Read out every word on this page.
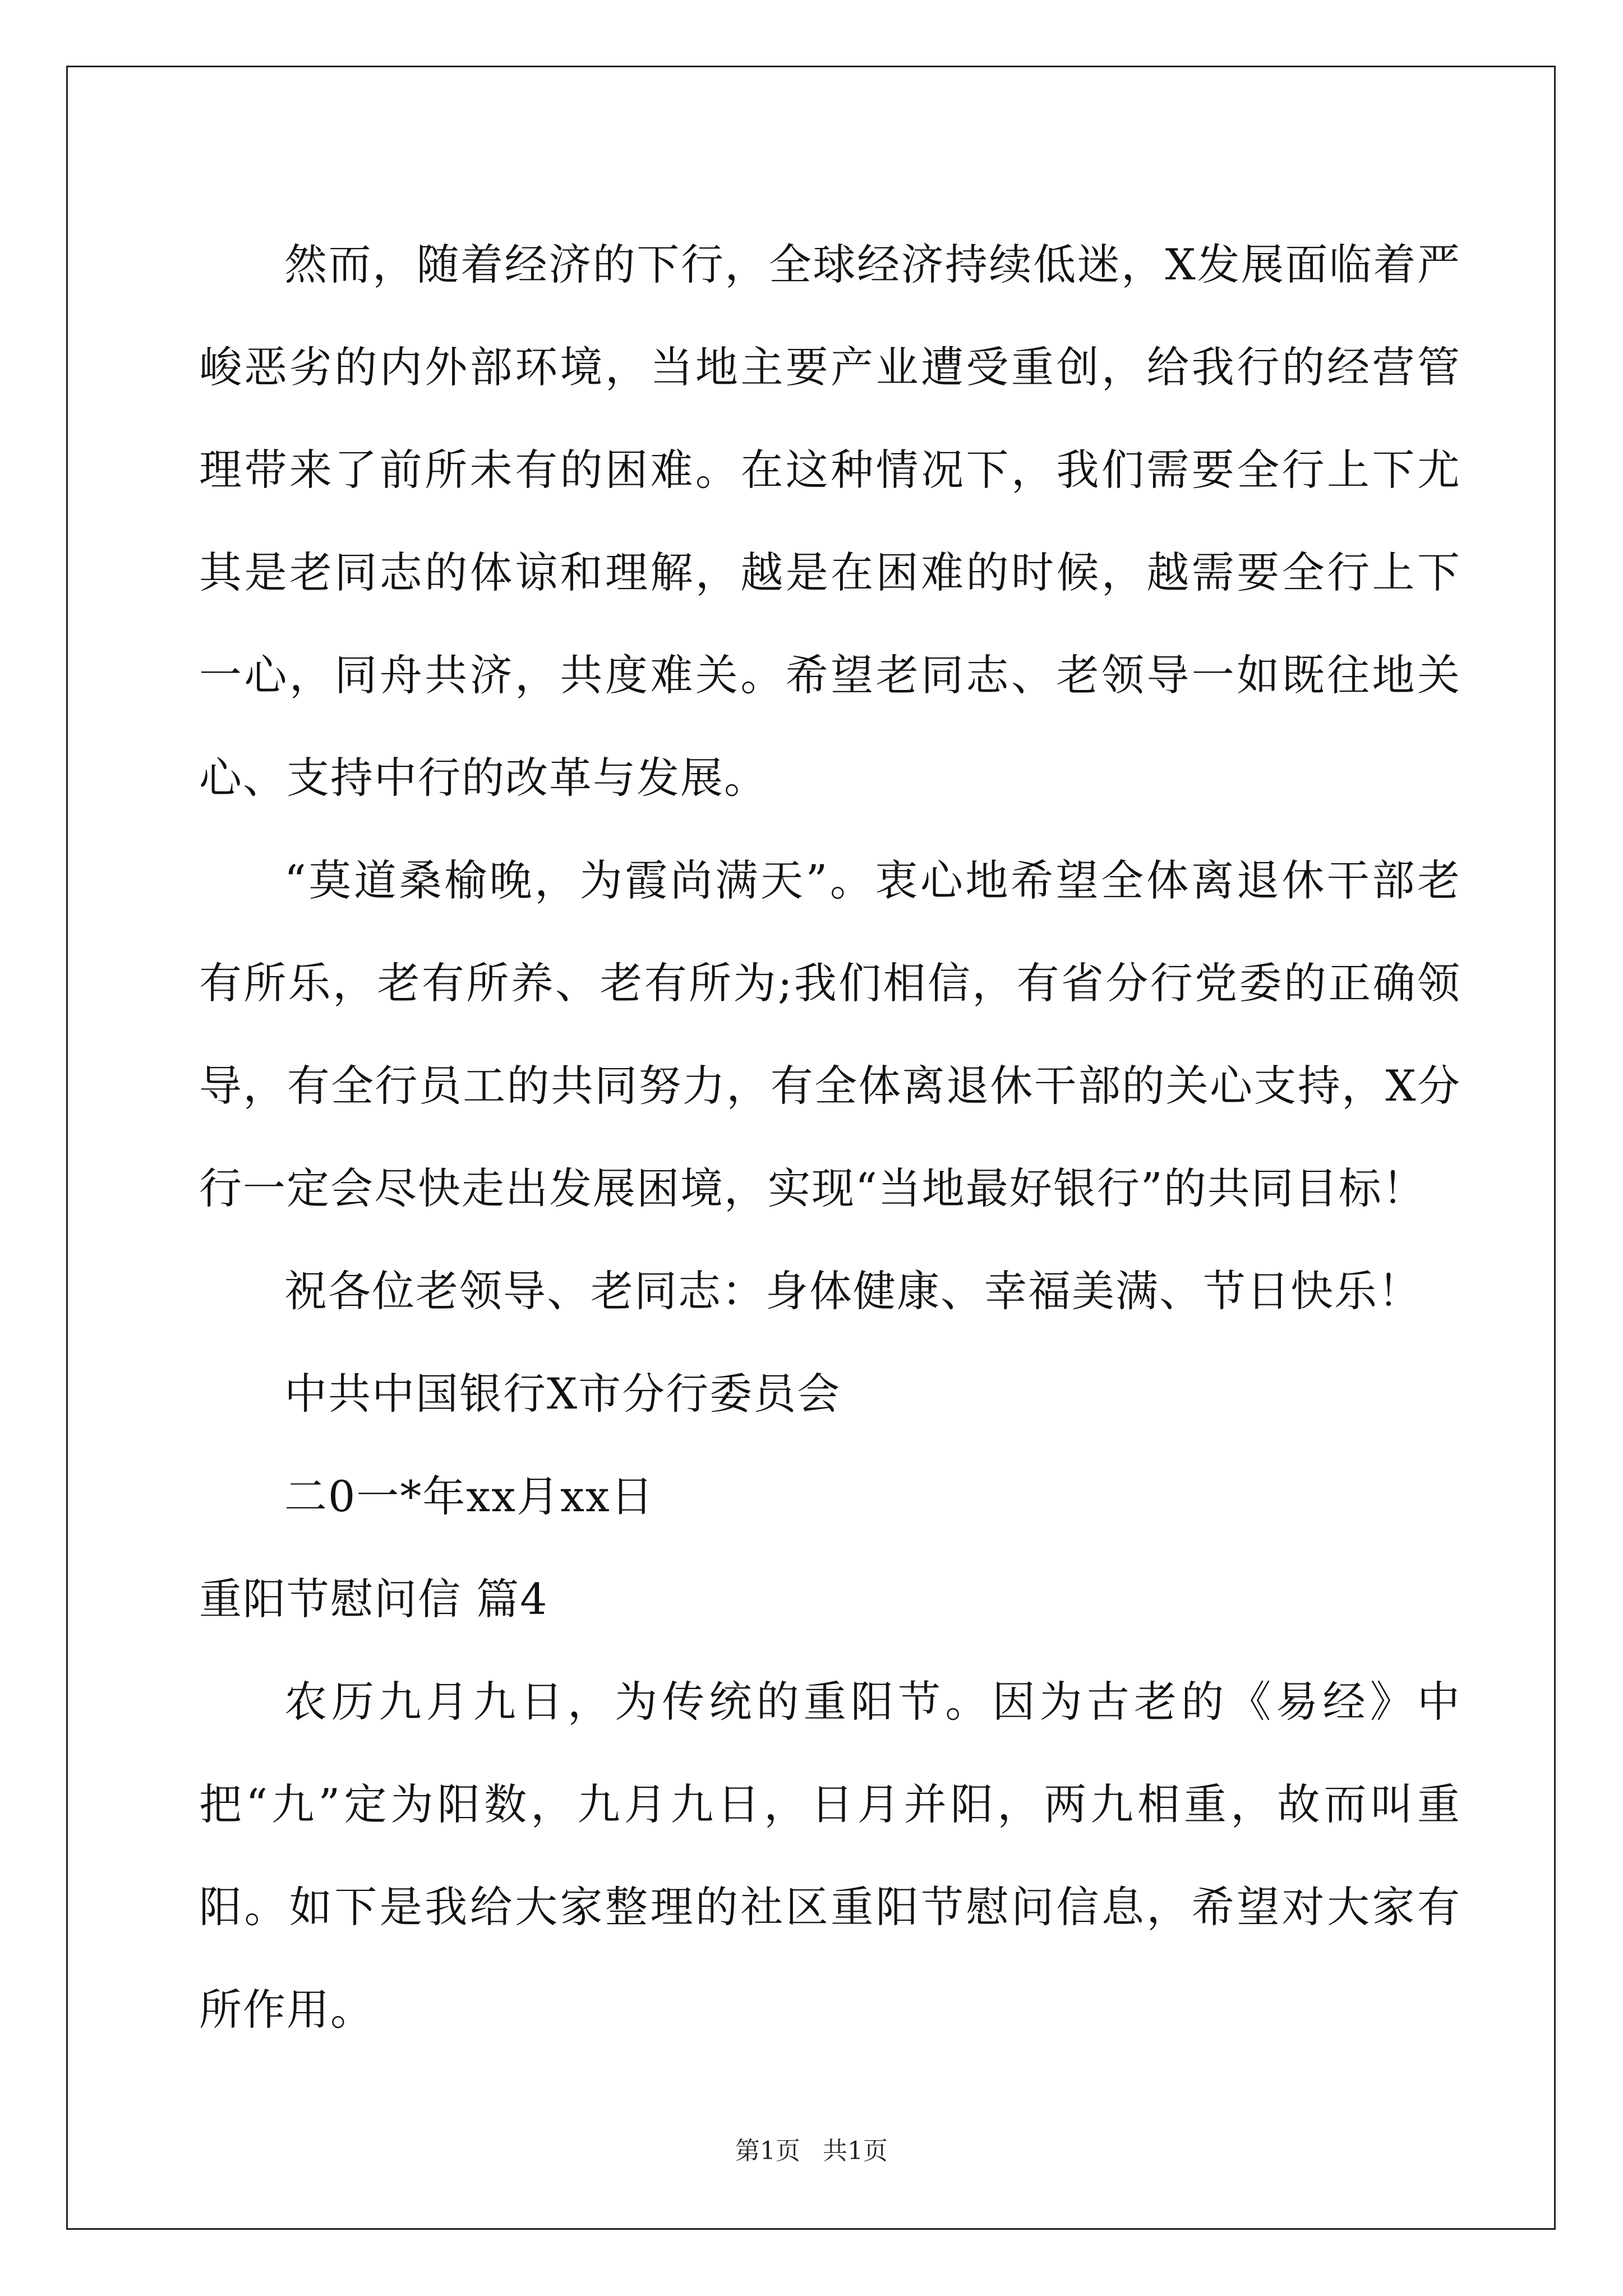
然而，随着经济的下行，全球经济持续低迷，X发展面临着严峻恶劣的内外部环境，当地主要产业遭受重创，给我行的经营管理带来了前所未有的困难。在这种情况下，我们需要全行上下尤其是老同志的体谅和理解，越是在困难的时候，越需要全行上下一心，同舟共济，共度难关。希望老同志、老领导一如既往地关心、支持中行的改革与发展。

“莫道桑榆晚，为霞尚满天”。衷心地希望全体离退休干部老有所乐，老有所养、老有所为;我们相信，有省分行党委的正确领导，有全行员工的共同努力，有全体离退休干部的关心支持，X分行一定会尽快走出发展困境，实现“当地最好银行”的共同目标！

祝各位老领导、老同志：身体健康、幸福美满、节日快乐！

中共中国银行X市分行委员会

二0一*年xx月xx日

重阳节慰问信 篇4

农历九月九日，为传统的重阳节。因为古老的《易经》中把“九”定为阳数，九月九日，日月并阳，两九相重，故而叫重阳。如下是我给大家整理的社区重阳节慰问信息，希望对大家有所作用。

第1页 共1页
